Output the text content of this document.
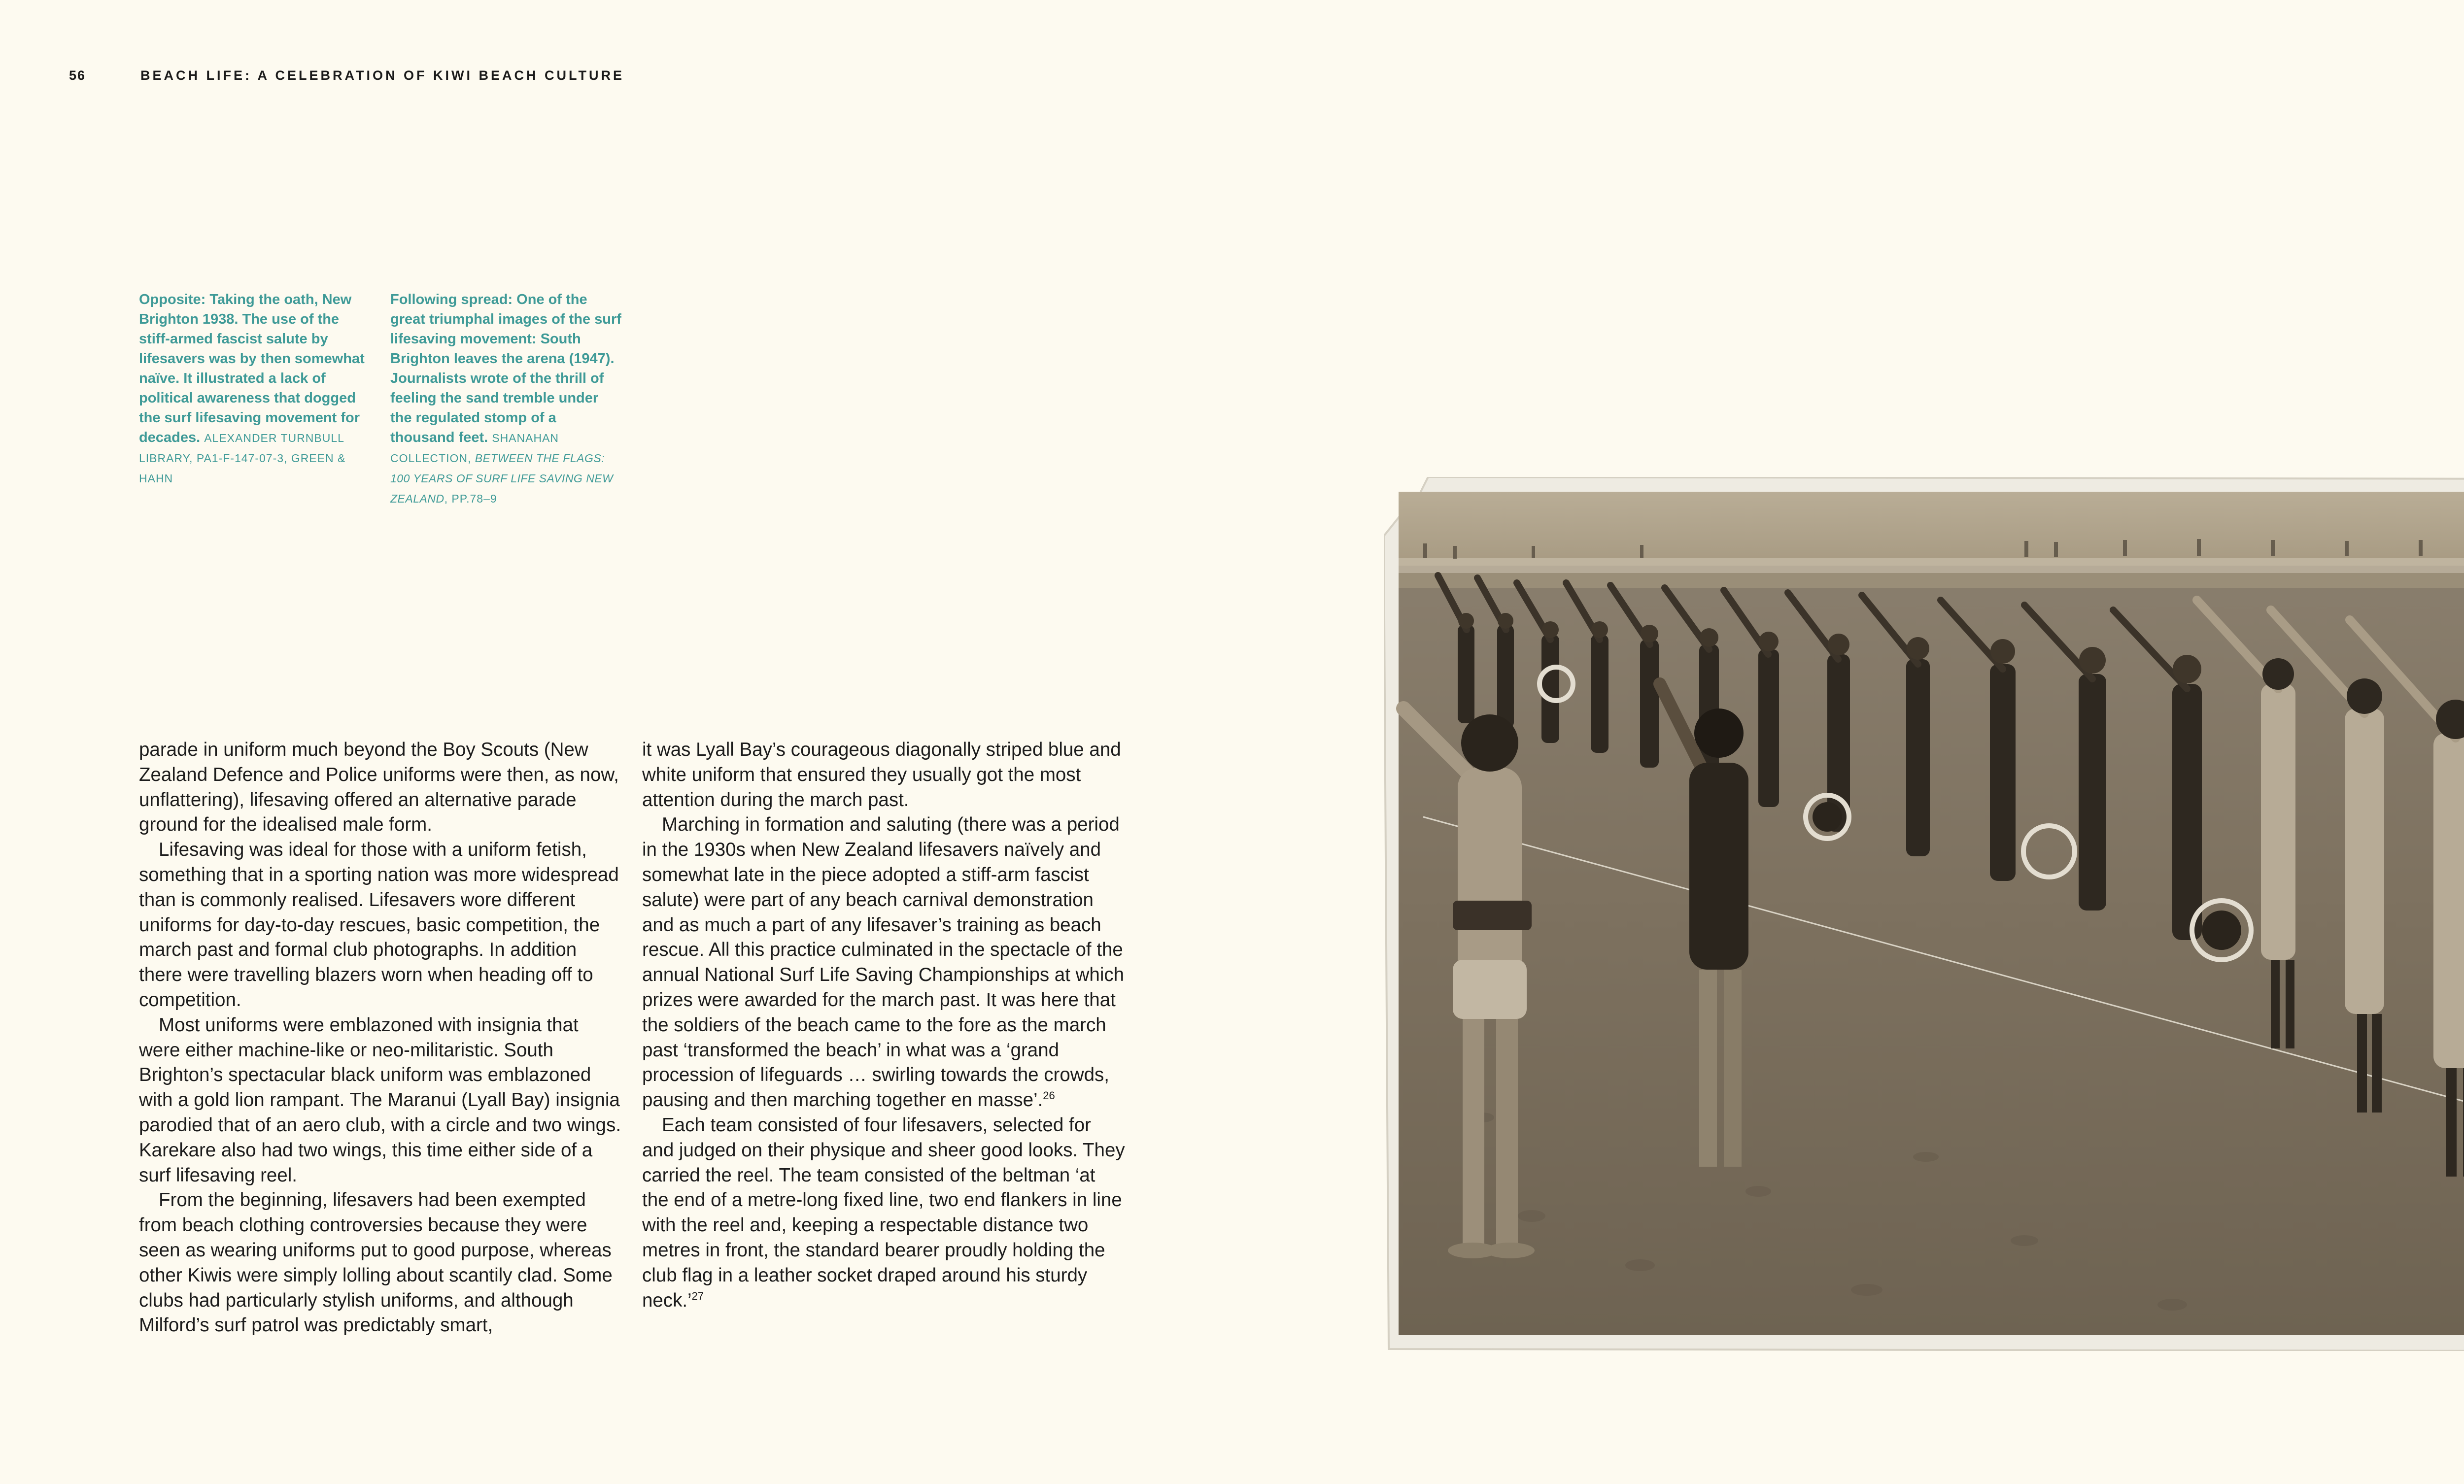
56	BEACH LIFE: A CELEBRATION OF KIWI BEACH CULTURE
Opposite: Taking the oath, New Brighton 1938. The use of the stiff-armed fascist salute by lifesavers was by then somewhat naïve. It illustrated a lack of political awareness that dogged the surf lifesaving movement for decades. ALEXANDER TURNBULL LIBRARY, PA1-F-147-07-3, GREEN & HAHN
Following spread: One of the great triumphal images of the surf lifesaving movement: South Brighton leaves the arena (1947). Journalists wrote of the thrill of feeling the sand tremble under the regulated stomp of a thousand feet. SHANAHAN COLLECTION, BETWEEN THE FLAGS: 100 YEARS OF SURF LIFE SAVING NEW ZEALAND, PP.78–9

parade in uniform much beyond the Boy Scouts (New Zealand Defence and Police uniforms were then, as now, unflattering), lifesaving offered an alternative parade ground for the idealised male form.

Lifesaving was ideal for those with a uniform fetish, something that in a sporting nation was more widespread than is commonly realised. Lifesavers wore different uniforms for day-to-day rescues, basic competition, the march past and formal club photographs. In addition there were travelling blazers worn when heading off to competition.

Most uniforms were emblazoned with insignia that were either machine-like or neo-militaristic. South Brighton’s spectacular black uniform was emblazoned with a gold lion rampant. The Maranui (Lyall Bay) insignia parodied that of an aero club, with a circle and two wings. Karekare also had two wings, this time either side of a surf lifesaving reel.

From the beginning, lifesavers had been exempted from beach clothing controversies because they were seen as wearing uniforms put to good purpose, whereas other Kiwis were simply lolling about scantily clad. Some clubs had particularly stylish uniforms, and although Milford’s surf patrol was predictably smart,

it was Lyall Bay’s courageous diagonally striped blue and white uniform that ensured they usually got the most attention during the march past.

Marching in formation and saluting (there was a period in the 1930s when New Zealand lifesavers naïvely and somewhat late in the piece adopted a stiff-arm fascist salute) were part of any beach carnival demonstration and as much a part of any lifesaver’s training as beach rescue. All this practice culminated in the spectacle of the annual National Surf Life Saving Championships at which prizes were awarded for the march past. It was here that the soldiers of the beach came to the fore as the march past ‘transformed the beach’ in what was a ‘grand procession of lifeguards … swirling towards the crowds, pausing and then marching together en masse’.$^{26}$

Each team consisted of four lifesavers, selected for and judged on their physique and sheer good looks. They carried the reel. The team consisted of the beltman ‘at the end of a metre-long fixed line, two end flankers in line with the reel and, keeping a respectable distance two metres in front, the standard bearer proudly holding the club flag in a leather socket draped around his sturdy neck.’$^{27}$
